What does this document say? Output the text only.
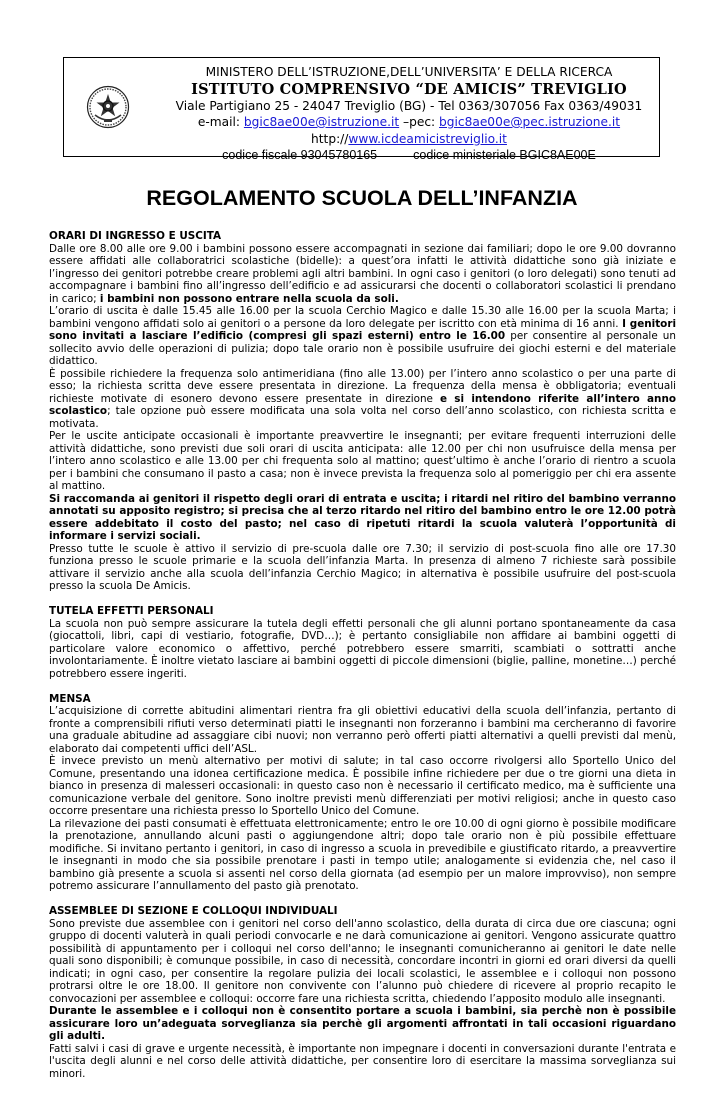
MINISTERO DELL’ISTRUZIONE,DELL’UNIVERSITA’ E DELLA RICERCA
ISTITUTO COMPRENSIVO “DE AMICIS” TREVIGLIO
Viale Partigiano 25 - 24047 Treviglio (BG) - Tel 0363/307056 Fax 0363/49031
e-mail: bgic8ae00e@istruzione.it –pec: bgic8ae00e@pec.istruzione.it
http://www.icdeamicistreviglio.it
codice fiscale 93045780165	codice ministeriale BGIC8AE00E
REGOLAMENTO SCUOLA DELL’INFANZIA
ORARI DI INGRESSO E USCITA

Dalle ore 8.00 alle ore 9.00 i bambini possono essere accompagnati in sezione dai familiari; dopo le ore 9.00 dovranno essere affidati alle collaboratrici scolastiche (bidelle): a quest’ora infatti le attività didattiche sono già iniziate e l’ingresso dei genitori potrebbe creare problemi agli altri bambini. In ogni caso i genitori (o loro delegati) sono tenuti ad accompagnare i bambini fino all’ingresso dell’edificio e ad assicurarsi che docenti o collaboratori scolastici li prendano in carico; i bambini non possono entrare nella scuola da soli.

L’orario di uscita è dalle 15.45 alle 16.00 per la scuola Cerchio Magico e dalle 15.30 alle 16.00 per la scuola Marta; i bambini vengono affidati solo ai genitori o a persone da loro delegate per iscritto con età minima di 16 anni. I genitori sono invitati a lasciare l’edificio (compresi gli spazi esterni) entro le 16.00 per consentire al personale un sollecito avvio delle operazioni di pulizia; dopo tale orario non è possibile usufruire dei giochi esterni e del materiale didattico.

È possibile richiedere la frequenza solo antimeridiana (fino alle 13.00) per l’intero anno scolastico o per una parte di esso; la richiesta scritta deve essere presentata in direzione. La frequenza della mensa è obbligatoria; eventuali richieste motivate di esonero devono essere presentate in direzione e si intendono riferite all’intero anno scolastico; tale opzione può essere modificata una sola volta nel corso dell’anno scolastico, con richiesta scritta e motivata.

Per le uscite anticipate occasionali è importante preavvertire le insegnanti; per evitare frequenti interruzioni delle attività didattiche, sono previsti due soli orari di uscita anticipata: alle 12.00 per chi non usufruisce della mensa per l’intero anno scolastico e alle 13.00 per chi frequenta solo al mattino; quest’ultimo è anche l’orario di rientro a scuola per i bambini che consumano il pasto a casa; non è invece prevista la frequenza solo al pomeriggio per chi era assente al mattino.

Si raccomanda ai genitori il rispetto degli orari di entrata e uscita; i ritardi nel ritiro del bambino verranno annotati su apposito registro; si precisa che al terzo ritardo nel ritiro del bambino entro le ore 12.00 potrà essere addebitato il costo del pasto; nel caso di ripetuti ritardi la scuola valuterà l’opportunità di informare i servizi sociali.

Presso tutte le scuole è attivo il servizio di pre-scuola dalle ore 7.30; il servizio di post-scuola fino alle ore 17.30 funziona presso le scuole primarie e la scuola dell’infanzia Marta. In presenza di almeno 7 richieste sarà possibile attivare il servizio anche alla scuola dell’infanzia Cerchio Magico; in alternativa è possibile usufruire del post-scuola presso la scuola De Amicis.

TUTELA EFFETTI PERSONALI

La scuola non può sempre assicurare la tutela degli effetti personali che gli alunni portano spontaneamente da casa (giocattoli, libri, capi di vestiario, fotografie, DVD…); è pertanto consigliabile non affidare ai bambini oggetti di particolare valore economico o affettivo, perché potrebbero essere smarriti, scambiati o sottratti anche involontariamente. È inoltre vietato lasciare ai bambini oggetti di piccole dimensioni (biglie, palline, monetine…) perché potrebbero essere ingeriti.

MENSA

L’acquisizione di corrette abitudini alimentari rientra fra gli obiettivi educativi della scuola dell’infanzia, pertanto di fronte a comprensibili rifiuti verso determinati piatti le insegnanti non forzeranno i bambini ma cercheranno di favorire una graduale abitudine ad assaggiare cibi nuovi; non verranno però offerti piatti alternativi a quelli previsti dal menù, elaborato dai competenti uffici dell’ASL.

È invece previsto un menù alternativo per motivi di salute; in tal caso occorre rivolgersi allo Sportello Unico del Comune, presentando una idonea certificazione medica. È possibile infine richiedere per due o tre giorni una dieta in bianco in presenza di malesseri occasionali: in questo caso non è necessario il certificato medico, ma è sufficiente una comunicazione verbale del genitore. Sono inoltre previsti menù differenziati per motivi religiosi; anche in questo caso occorre presentare una richiesta presso lo Sportello Unico del Comune.

La rilevazione dei pasti consumati è effettuata elettronicamente; entro le ore 10.00 di ogni giorno è possibile modificare la prenotazione, annullando alcuni pasti o aggiungendone altri; dopo tale orario non è più possibile effettuare modifiche. Si invitano pertanto i genitori, in caso di ingresso a scuola in prevedibile e giustificato ritardo, a preavvertire le insegnanti in modo che sia possibile prenotare i pasti in tempo utile; analogamente si evidenzia che, nel caso il bambino già presente a scuola si assenti nel corso della giornata (ad esempio per un malore improvviso), non sempre potremo assicurare l’annullamento del pasto già prenotato.

ASSEMBLEE DI SEZIONE E COLLOQUI INDIVIDUALI

Sono previste due assemblee con i genitori nel corso dell'anno scolastico, della durata di circa due ore ciascuna; ogni gruppo di docenti valuterà in quali periodi convocarle e ne darà comunicazione ai genitori. Vengono assicurate quattro possibilità di appuntamento per i colloqui nel corso dell'anno; le insegnanti comunicheranno ai genitori le date nelle quali sono disponibili; è comunque possibile, in caso di necessità, concordare incontri in giorni ed orari diversi da quelli indicati; in ogni caso, per consentire la regolare pulizia dei locali scolastici, le assemblee e i colloqui non possono protrarsi oltre le ore 18.00. Il genitore non convivente con l’alunno può chiedere di ricevere al proprio recapito le convocazioni per assemblee e colloqui: occorre fare una richiesta scritta, chiedendo l’apposito modulo alle insegnanti.

Durante le assemblee e i colloqui non è consentito portare a scuola i bambini, sia perchè non è possibile assicurare loro un’adeguata sorveglianza sia perchè gli argomenti affrontati in tali occasioni riguardano gli adulti.

Fatti salvi i casi di grave e urgente necessità, è importante non impegnare i docenti in conversazioni durante l'entrata e l'uscita degli alunni e nel corso delle attività didattiche, per consentire loro di esercitare la massima sorveglianza sui minori.
